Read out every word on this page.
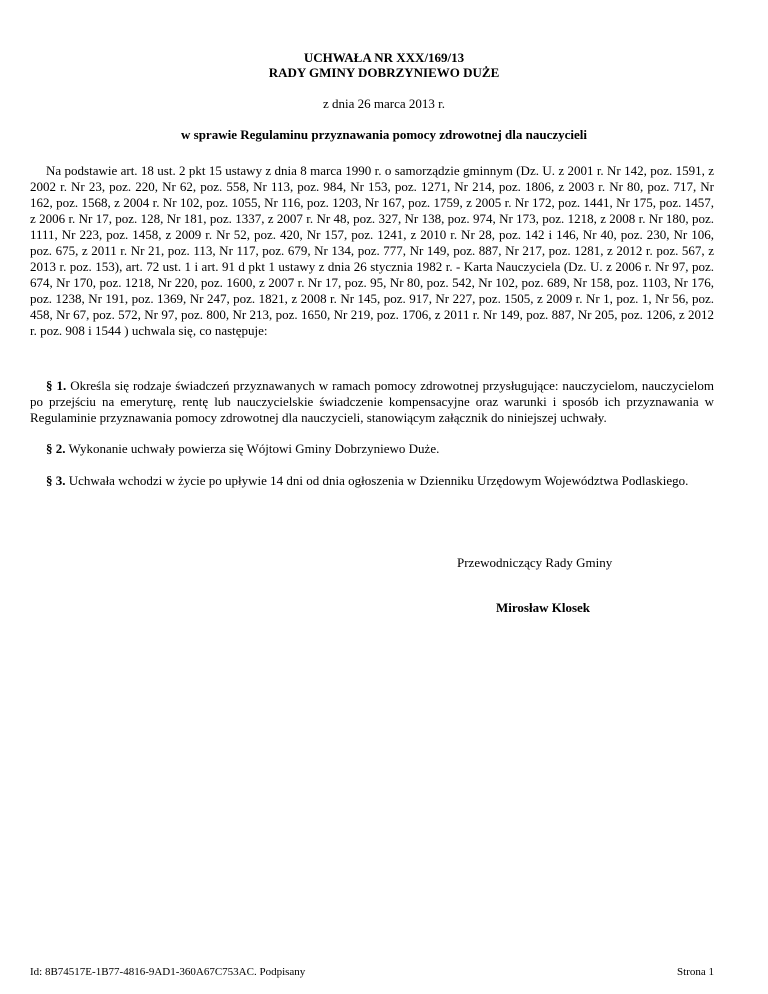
UCHWAŁA NR XXX/169/13
RADY GMINY DOBRZYNIEWO DUŻE
z dnia 26 marca 2013 r.
w sprawie Regulaminu przyznawania pomocy zdrowotnej dla nauczycieli

Na podstawie art. 18 ust. 2 pkt 15 ustawy z dnia 8 marca 1990 r. o samorządzie gminnym (Dz. U. z 2001 r. Nr 142, poz. 1591, z 2002 r. Nr 23, poz. 220, Nr 62, poz. 558, Nr 113, poz. 984, Nr 153, poz. 1271, Nr 214, poz. 1806, z 2003 r. Nr 80, poz. 717, Nr 162, poz. 1568, z 2004 r. Nr 102, poz. 1055, Nr 116, poz. 1203, Nr 167, poz. 1759, z 2005 r. Nr 172, poz. 1441, Nr 175, poz. 1457, z 2006 r. Nr 17, poz. 128, Nr 181, poz. 1337, z 2007 r. Nr 48, poz. 327, Nr 138, poz. 974, Nr 173, poz. 1218, z 2008 r. Nr 180, poz. 1111, Nr 223, poz. 1458, z 2009 r. Nr 52, poz. 420, Nr 157, poz. 1241, z 2010 r. Nr 28, poz. 142 i 146, Nr 40, poz. 230, Nr 106, poz. 675, z 2011 r. Nr 21, poz. 113, Nr 117, poz. 679, Nr 134, poz. 777, Nr 149, poz. 887, Nr 217, poz. 1281, z 2012 r. poz. 567, z 2013 r. poz. 153), art. 72 ust. 1 i art. 91 d pkt 1 ustawy z dnia 26 stycznia 1982 r. - Karta Nauczyciela (Dz. U. z 2006 r. Nr 97, poz. 674, Nr 170, poz. 1218, Nr 220, poz. 1600, z 2007 r. Nr 17, poz. 95, Nr 80, poz. 542, Nr 102, poz. 689, Nr 158, poz. 1103, Nr 176, poz. 1238, Nr 191, poz. 1369, Nr 247, poz. 1821, z 2008 r. Nr 145, poz. 917, Nr 227, poz. 1505, z 2009 r. Nr 1, poz. 1, Nr 56, poz. 458, Nr 67, poz. 572, Nr 97, poz. 800, Nr 213, poz. 1650, Nr 219, poz. 1706, z 2011 r. Nr 149, poz. 887, Nr 205, poz. 1206, z 2012 r. poz. 908 i 1544 ) uchwala się, co następuje:

§ 1. Określa się rodzaje świadczeń przyznawanych w ramach pomocy zdrowotnej przysługujące: nauczycielom, nauczycielom po przejściu na emeryturę, rentę lub nauczycielskie świadczenie kompensacyjne oraz warunki i sposób ich przyznawania w Regulaminie przyznawania pomocy zdrowotnej dla nauczycieli, stanowiącym załącznik do niniejszej uchwały.

§ 2. Wykonanie uchwały powierza się Wójtowi Gminy Dobrzyniewo Duże.

§ 3. Uchwała wchodzi w życie po upływie 14 dni od dnia ogłoszenia w Dzienniku Urzędowym Województwa Podlaskiego.

Przewodniczący Rady Gminy
Mirosław Klosek
Id: 8B74517E-1B77-4816-9AD1-360A67C753AC. Podpisany	Strona 1
